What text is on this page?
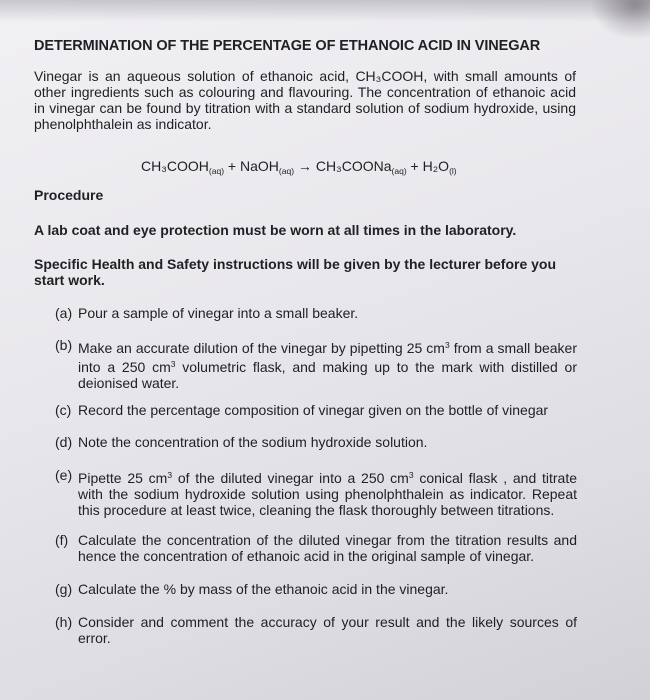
DETERMINATION OF THE PERCENTAGE OF ETHANOIC ACID IN VINEGAR
Vinegar is an aqueous solution of ethanoic acid, CH₃COOH, with small amounts of other ingredients such as colouring and flavouring. The concentration of ethanoic acid in vinegar can be found by titration with a standard solution of sodium hydroxide, using phenolphthalein as indicator.
$CH_3COOH_{(aq)}$ + NaOH$_{(aq)}$ → CH₃COONa$_{(aq)}$ + $H_2O_{(l)}$
Procedure
A lab coat and eye protection must be worn at all times in the laboratory.
Specific Health and Safety instructions will be given by the lecturer before you start work.
(a) Pour a sample of vinegar into a small beaker.
(b) Make an accurate dilution of the vinegar by pipetting 25 $cm^3$ from a small beaker into a 250 $cm^3$ volumetric flask, and making up to the mark with distilled or deionised water.
(c) Record the percentage composition of vinegar given on the bottle of vinegar
(d) Note the concentration of the sodium hydroxide solution.
(e) Pipette 25 $cm^3$ of the diluted vinegar into a 250 $cm^3$ conical flask , and titrate with the sodium hydroxide solution using phenolphthalein as indicator. Repeat this procedure at least twice, cleaning the flask thoroughly between titrations.
(f) Calculate the concentration of the diluted vinegar from the titration results and hence the concentration of ethanoic acid in the original sample of vinegar.
(g) Calculate the % by mass of the ethanoic acid in the vinegar.
(h) Consider and comment the accuracy of your result and the likely sources of error.
